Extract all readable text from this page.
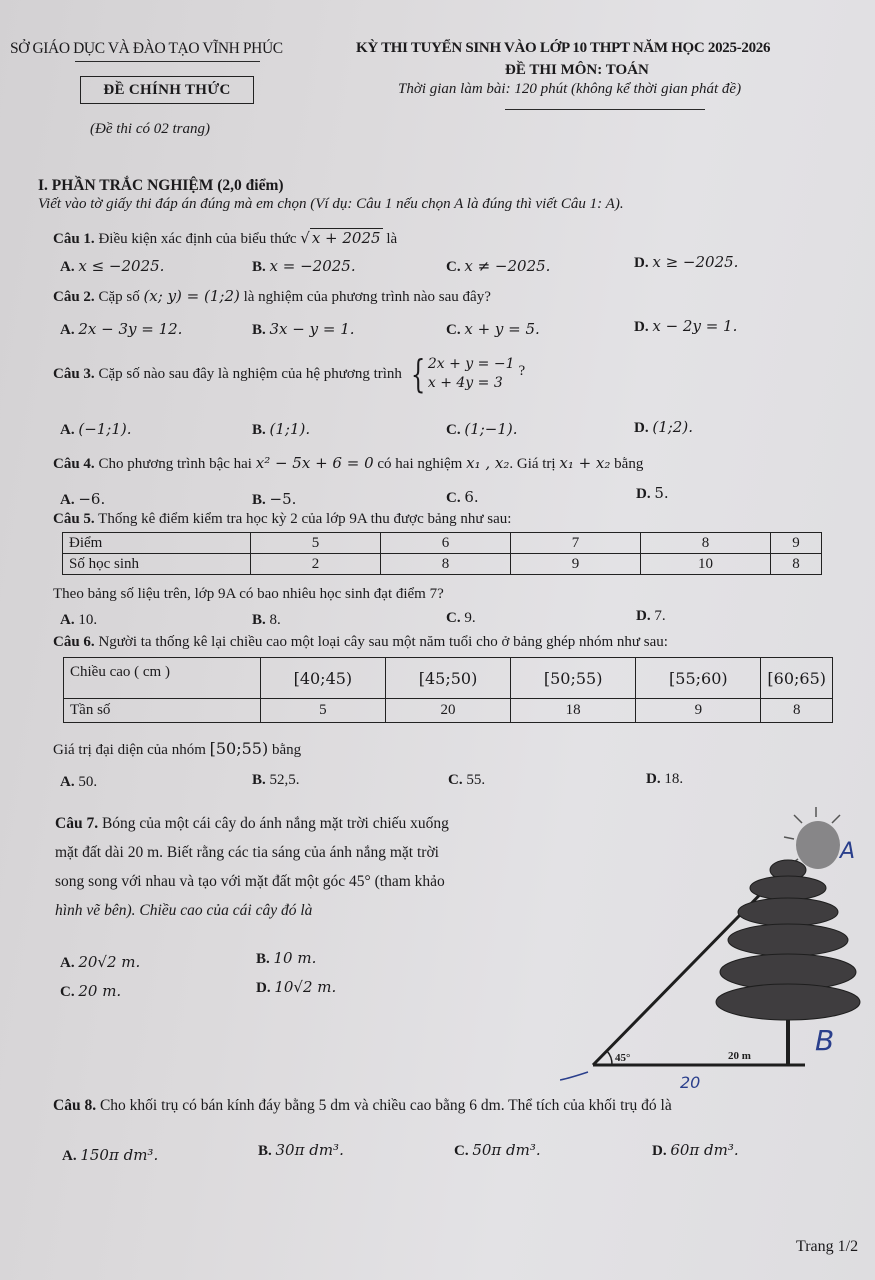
SỞ GIÁO DỤC VÀ ĐÀO TẠO VĨNH PHÚC
ĐỀ CHÍNH THỨC
(Đề thi có 02 trang)
KỲ THI TUYỂN SINH VÀO LỚP 10 THPT NĂM HỌC 2025-2026
ĐỀ THI MÔN: TOÁN
Thời gian làm bài: 120 phút (không kể thời gian phát đề)
I. PHẦN TRẮC NGHIỆM (2,0 điểm)
Viết vào tờ giấy thi đáp án đúng mà em chọn (Ví dụ: Câu 1 nếu chọn A là đúng thì viết Câu 1: A).
Câu 1. Điều kiện xác định của biểu thức √ x + 2025 là
A. x ≤ −2025.	B. x = −2025.	C. x ≠ −2025.	D. x ≥ −2025.
Câu 2. Cặp số (x; y) = (1;2) là nghiệm của phương trình nào sau đây?
A. 2x − 3y = 12.	B. 3x − y = 1.	C. x + y = 5.	D. x − 2y = 1.
Câu 3.
Cặp số nào sau đây là nghiệm của hệ phương trình
{ 2x + y = −1
x + 4y = 3
?
A. (−1;1).	B. (1;1).	C. (1;−1).	D. (1;2).
Câu 4. Cho phương trình bậc hai x² − 5x + 6 = 0 có hai nghiệm x₁ , x₂. Giá trị x₁ + x₂ bằng
A. −6.	B. −5.	C. 6.	D. 5.
Câu 5. Thống kê điểm kiểm tra học kỳ 2 của lớp 9A thu được bảng như sau:
Điểm	5	6	7	8	9
Số học sinh	2	8	9	10	8
Theo bảng số liệu trên, lớp 9A có bao nhiêu học sinh đạt điểm 7?
A. 10.	B. 8.	C. 9.	D. 7.
Câu 6. Người ta thống kê lại chiều cao một loại cây sau một năm tuổi cho ở bảng ghép nhóm như sau:
Chiều cao ( cm )	[40;45)	[45;50)	[50;55)	[55;60)	[60;65)
Tần số	5	20	18	9	8
Giá trị đại diện của nhóm [50;55) bằng
A. 50.	B. 52,5.	C. 55.	D. 18.
Câu 7. Bóng của một cái cây do ánh nắng mặt trời chiếu xuống
mặt đất dài 20 m. Biết rằng các tia sáng của ánh nắng mặt trời
song song với nhau và tạo với mặt đất một góc 45° (tham khảo
hình vẽ bên). Chiều cao của cái cây đó là
A. 20√2 m.	B. 10 m.
C. 20 m.	D. 10√2 m.
45°	20 m
A
B
20
Câu 8. Cho khối trụ có bán kính đáy bằng 5 dm và chiều cao bằng 6 dm. Thể tích của khối trụ đó là
A. 150π dm³.	B. 30π dm³.	C. 50π dm³.	D. 60π dm³.
Trang 1/2
